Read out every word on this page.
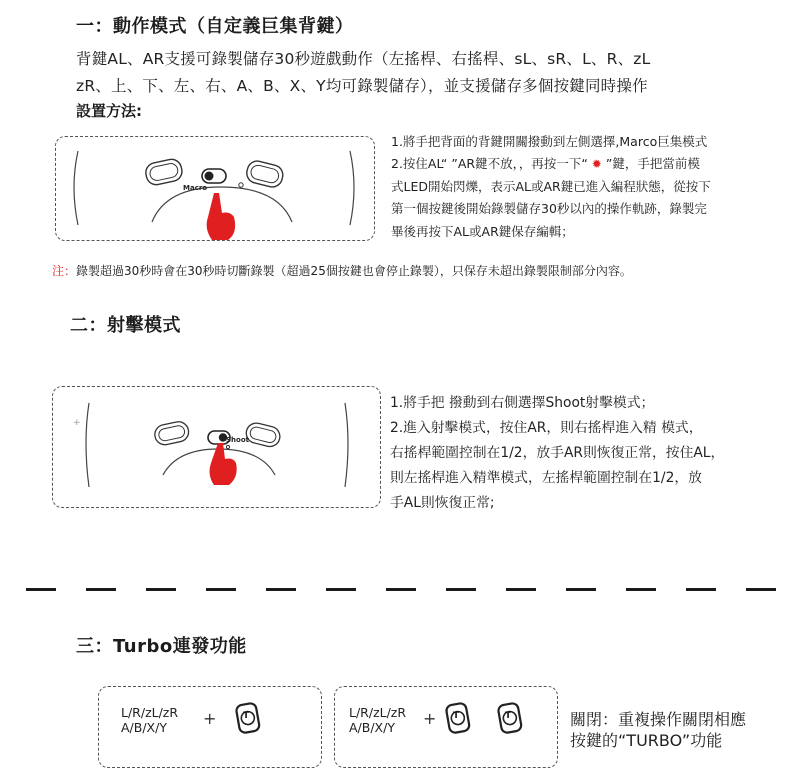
一：動作模式（自定義巨集背鍵）
背鍵AL、AR支援可錄製儲存30秒遊戲動作（左搖桿、右搖桿、sL、sR、L、R、zL
zR、上、下、左、右、A、B、X、Y均可錄製儲存），並支援儲存多個按鍵同時操作
設置方法:
Macro
1.將手把背面的背鍵開關撥動到左側選擇,Marco巨集模式
2.按住AL“ ”AR鍵不放，，再按一下“ ✹ ”鍵，手把當前模
式LED開始閃爍，表示AL或AR鍵已進入編程狀態，從按下
第一個按鍵後開始錄製儲存30秒以內的操作軌跡，錄製完
畢後再按下AL或AR鍵保存編輯；
注：錄製超過30秒時會在30秒時切斷錄製（超過25個按鍵也會停止錄製），只保存未超出錄製限制部分內容。
二：射擊模式
+
Shoot
1.將手把 撥動到右側選擇Shoot射擊模式；
2.進入射擊模式，按住AR，則右搖桿進入精 模式，
右搖桿範圍控制在1/2，放手AR則恢復正常，按住AL，
則左搖桿進入精準模式，左搖桿範圍控制在1/2，放
手AL則恢復正常;
三：Turbo連發功能
L/R/zL/zR
A/B/X/Y +	T	L/R/zL/zR
A/B/X/Y + T	T	關閉：重複操作關閉相應
按鍵的“TURBO”功能
